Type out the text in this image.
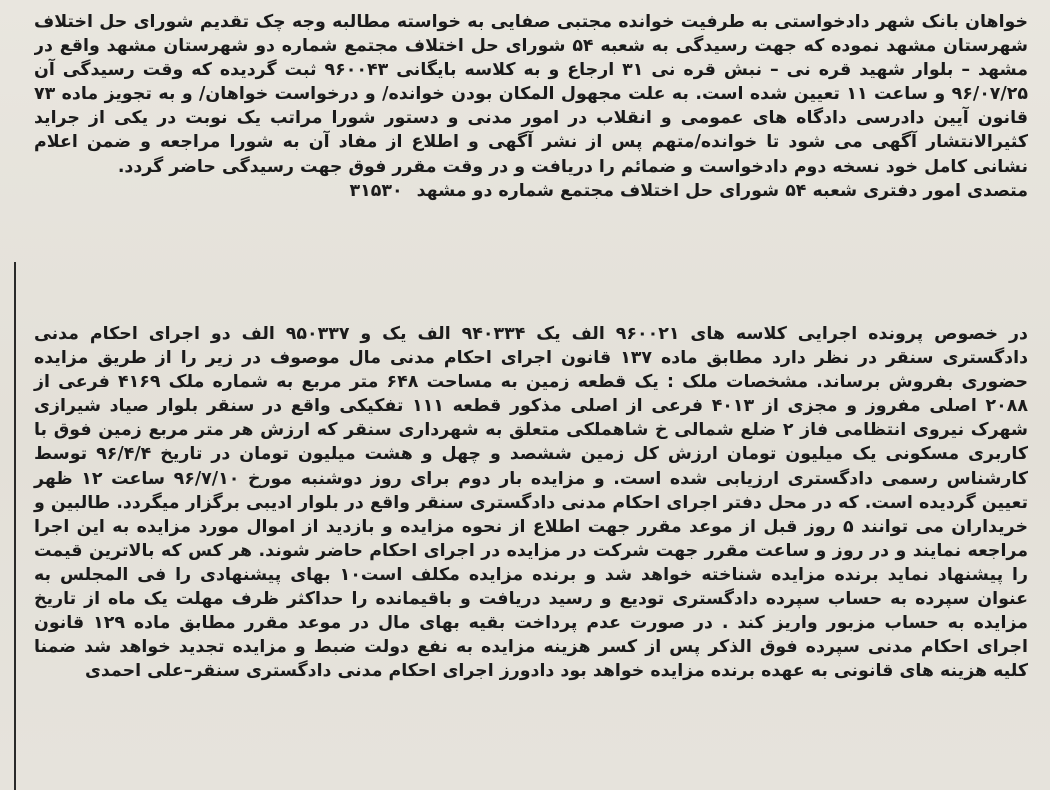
خواهان بانک شهر دادخواستی به طرفیت خوانده مجتبی صفایی به خواسته مطالبه وجه چک تقدیم شورای حل اختلاف شهرستان مشهد نموده که جهت رسیدگی به شعبه ۵۴ شورای حل اختلاف مجتمع شماره دو شهرستان مشهد واقع در مشهد – بلوار شهید قره نی – نبش قره نی ۳۱ ارجاع و به کلاسه بایگانی ۹۶۰۰۴۳ ثبت گردیده که وقت رسیدگی آن ۹۶/۰۷/۲۵ و ساعت ۱۱ تعیین شده است. به علت مجهول المکان بودن خوانده/ و درخواست خواهان/ و به تجویز ماده ۷۳ قانون آیین دادرسی دادگاه های عمومی و انقلاب در امور مدنی و دستور شورا مراتب یک نوبت در یکی از جراید کثیرالانتشار آگهی می شود تا خوانده/متهم پس از نشر آگهی و اطلاع از مفاد آن به شورا مراجعه و ضمن اعلام نشانی کامل خود نسخه دوم دادخواست و ضمائم را دریافت و در وقت مقرر فوق جهت رسیدگی حاضر گردد.

متصدی امور دفتری شعبه ۵۴ شورای حل اختلاف مجتمع شماره دو مشهد
۳۱۵۳۰

در خصوص پرونده اجرایی کلاسه های ۹۶۰۰۲۱ الف یک ۹۴۰۳۳۴ الف یک و ۹۵۰۳۳۷ الف دو اجرای احکام مدنی دادگستری سنقر در نظر دارد مطابق ماده ۱۳۷ قانون اجرای احکام مدنی مال موصوف در زیر را از طریق مزایده حضوری بفروش برساند. مشخصات ملک : یک قطعه زمین به مساحت ۶۴۸ متر مربع به شماره ملک ۴۱۶۹ فرعی از ۲۰۸۸ اصلی مفروز و مجزی از ۴۰۱۳ فرعی از اصلی مذکور قطعه ۱۱۱ تفکیکی واقع در سنقر بلوار صیاد شیرازی شهرک نیروی انتظامی فاز ۲ ضلع شمالی خ شاهملکی متعلق به شهرداری سنقر که ارزش هر متر مربع زمین فوق با کاربری مسکونی یک میلیون تومان ارزش کل زمین ششصد و چهل و هشت میلیون تومان در تاریخ ۹۶/۴/۴ توسط کارشناس رسمی دادگستری ارزیابی شده است. و مزایده بار دوم برای روز دوشنبه مورخ ۹۶/۷/۱۰ ساعت ۱۲ ظهر تعیین گردیده است. که در محل دفتر اجرای احکام مدنی دادگستری سنقر واقع در بلوار ادیبی برگزار میگردد. طالبین و خریداران می توانند ۵ روز قبل از موعد مقرر جهت اطلاع از نحوه مزایده و بازدید از اموال مورد مزایده به این اجرا مراجعه نمایند و در روز و ساعت مقرر جهت شرکت در مزایده در اجرای احکام حاضر شوند. هر کس که بالاترین قیمت را پیشنهاد نماید برنده مزایده شناخته خواهد شد و برنده مزایده مکلف است۱۰ بهای پیشنهادی را فی المجلس به عنوان سپرده به حساب سپرده دادگستری تودیع و رسید دریافت و باقیمانده را حداکثر ظرف مهلت یک ماه از تاریخ مزایده به حساب مزبور واریز کند . در صورت عدم پرداخت بقیه بهای مال در موعد مقرر مطابق ماده ۱۲۹ قانون اجرای احکام مدنی سپرده فوق الذکر پس از کسر هزینه مزایده به نفع دولت ضبط و مزایده تجدید خواهد شد ضمنا کلیه هزینه های قانونی به عهده برنده مزایده خواهد بود دادورز اجرای احکام مدنی دادگستری سنقر–علی احمدی
